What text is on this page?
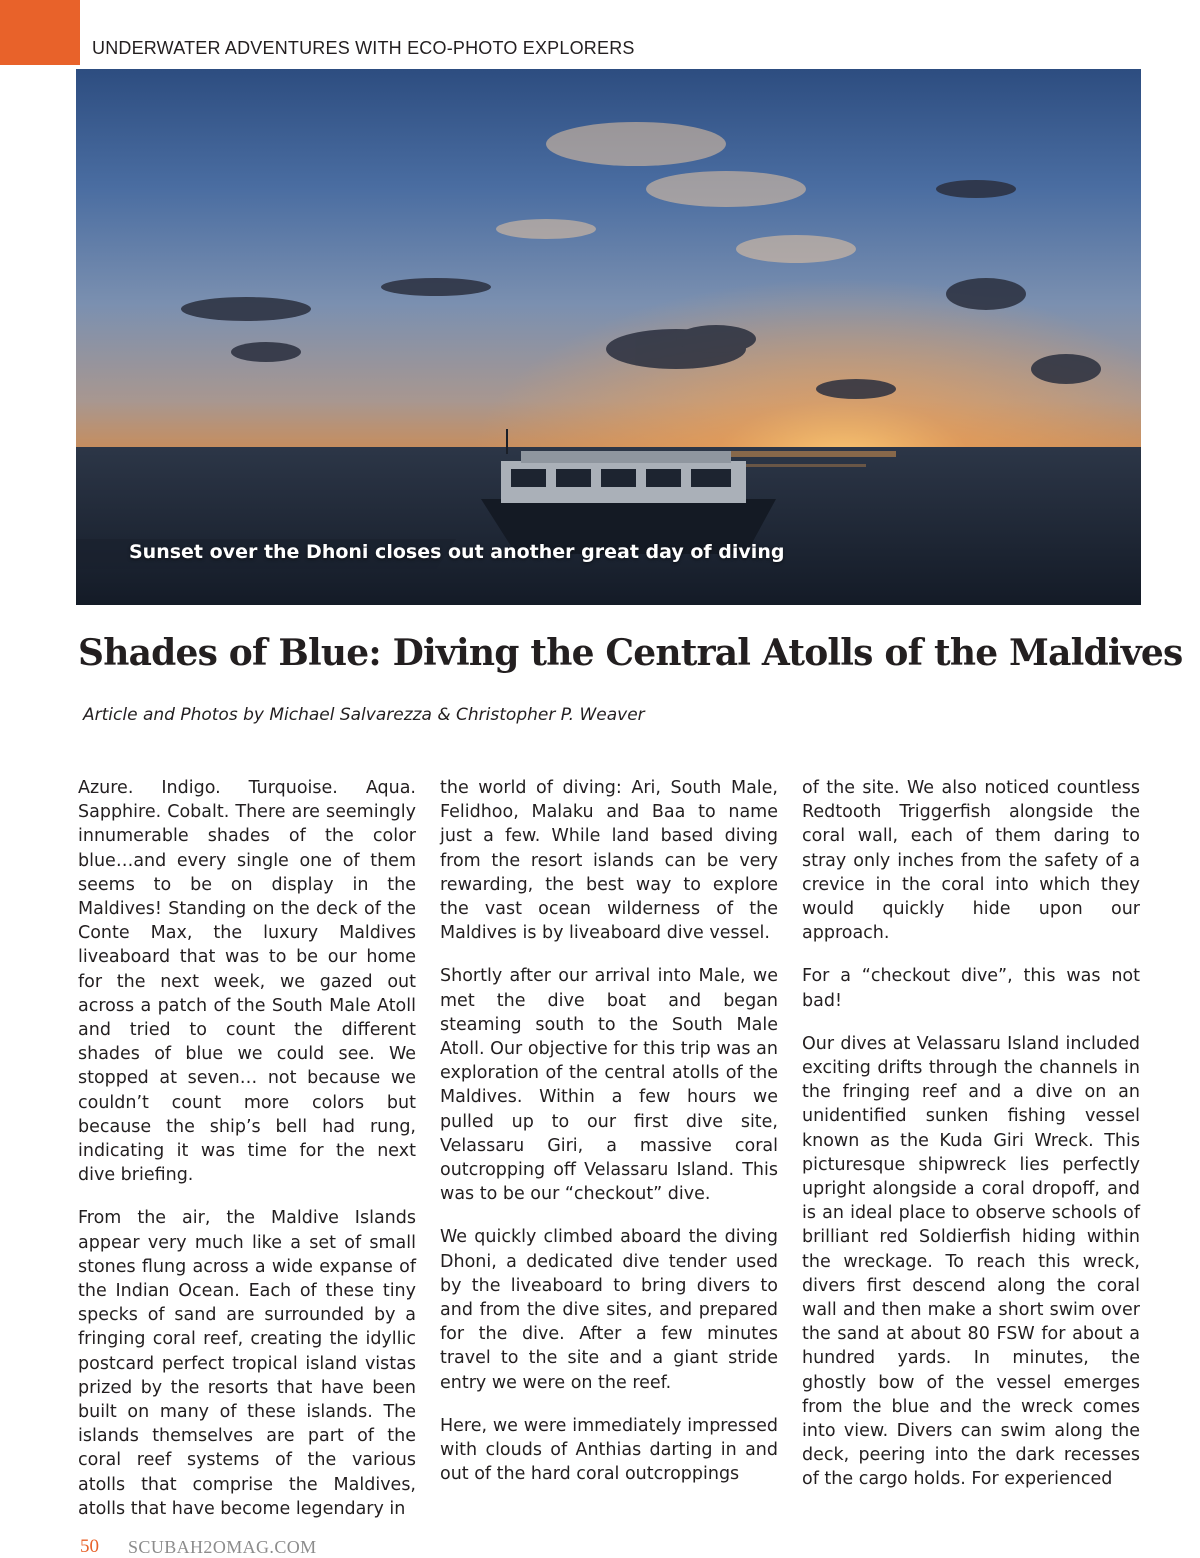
UNDERWATER ADVENTURES WITH ECO-PHOTO EXPLORERS
Sunset over the Dhoni closes out another great day of diving
Shades of Blue: Diving the Central Atolls of the Maldives
Article and Photos by Michael Salvarezza & Christopher P. Weaver

Azure. Indigo. Turquoise. Aqua. Sapphire. Cobalt. There are seemingly innumerable shades of the color blue…and every single one of them seems to be on display in the Maldives! Standing on the deck of the Conte Max, the luxury Maldives liveaboard that was to be our home for the next week, we gazed out across a patch of the South Male Atoll and tried to count the different shades of blue we could see. We stopped at seven… not because we couldn’t count more colors but because the ship’s bell had rung, indicating it was time for the next dive briefing.

From the air, the Maldive Islands appear very much like a set of small stones flung across a wide expanse of the Indian Ocean. Each of these tiny specks of sand are surrounded by a fringing coral reef, creating the idyllic postcard perfect tropical island vistas prized by the resorts that have been built on many of these islands. The islands themselves are part of the coral reef systems of the various atolls that comprise the Maldives, atolls that have become legendary in

the world of diving: Ari, South Male, Felidhoo, Malaku and Baa to name just a few. While land based diving from the resort islands can be very rewarding, the best way to explore the vast ocean wilderness of the Maldives is by liveaboard dive vessel.

Shortly after our arrival into Male, we met the dive boat and began steaming south to the South Male Atoll. Our objective for this trip was an exploration of the central atolls of the Maldives. Within a few hours we pulled up to our first dive site, Velassaru Giri, a massive coral outcropping off Velassaru Island. This was to be our “checkout” dive.

We quickly climbed aboard the diving Dhoni, a dedicated dive tender used by the liveaboard to bring divers to and from the dive sites, and prepared for the dive. After a few minutes travel to the site and a giant stride entry we were on the reef.

Here, we were immediately impressed with clouds of Anthias darting in and out of the hard coral outcroppings

of the site. We also noticed countless Redtooth Triggerfish alongside the coral wall, each of them daring to stray only inches from the safety of a crevice in the coral into which they would quickly hide upon our approach.

For a “checkout dive”, this was not bad!

Our dives at Velassaru Island included exciting drifts through the channels in the fringing reef and a dive on an unidentified sunken fishing vessel known as the Kuda Giri Wreck. This picturesque shipwreck lies perfectly upright alongside a coral dropoff, and is an ideal place to observe schools of brilliant red Soldierfish hiding within the wreckage. To reach this wreck, divers first descend along the coral wall and then make a short swim over the sand at about 80 FSW for about a hundred yards. In minutes, the ghostly bow of the vessel emerges from the blue and the wreck comes into view. Divers can swim along the deck, peering into the dark recesses of the cargo holds. For experienced

50 SCUBAH2OMAG.COM
